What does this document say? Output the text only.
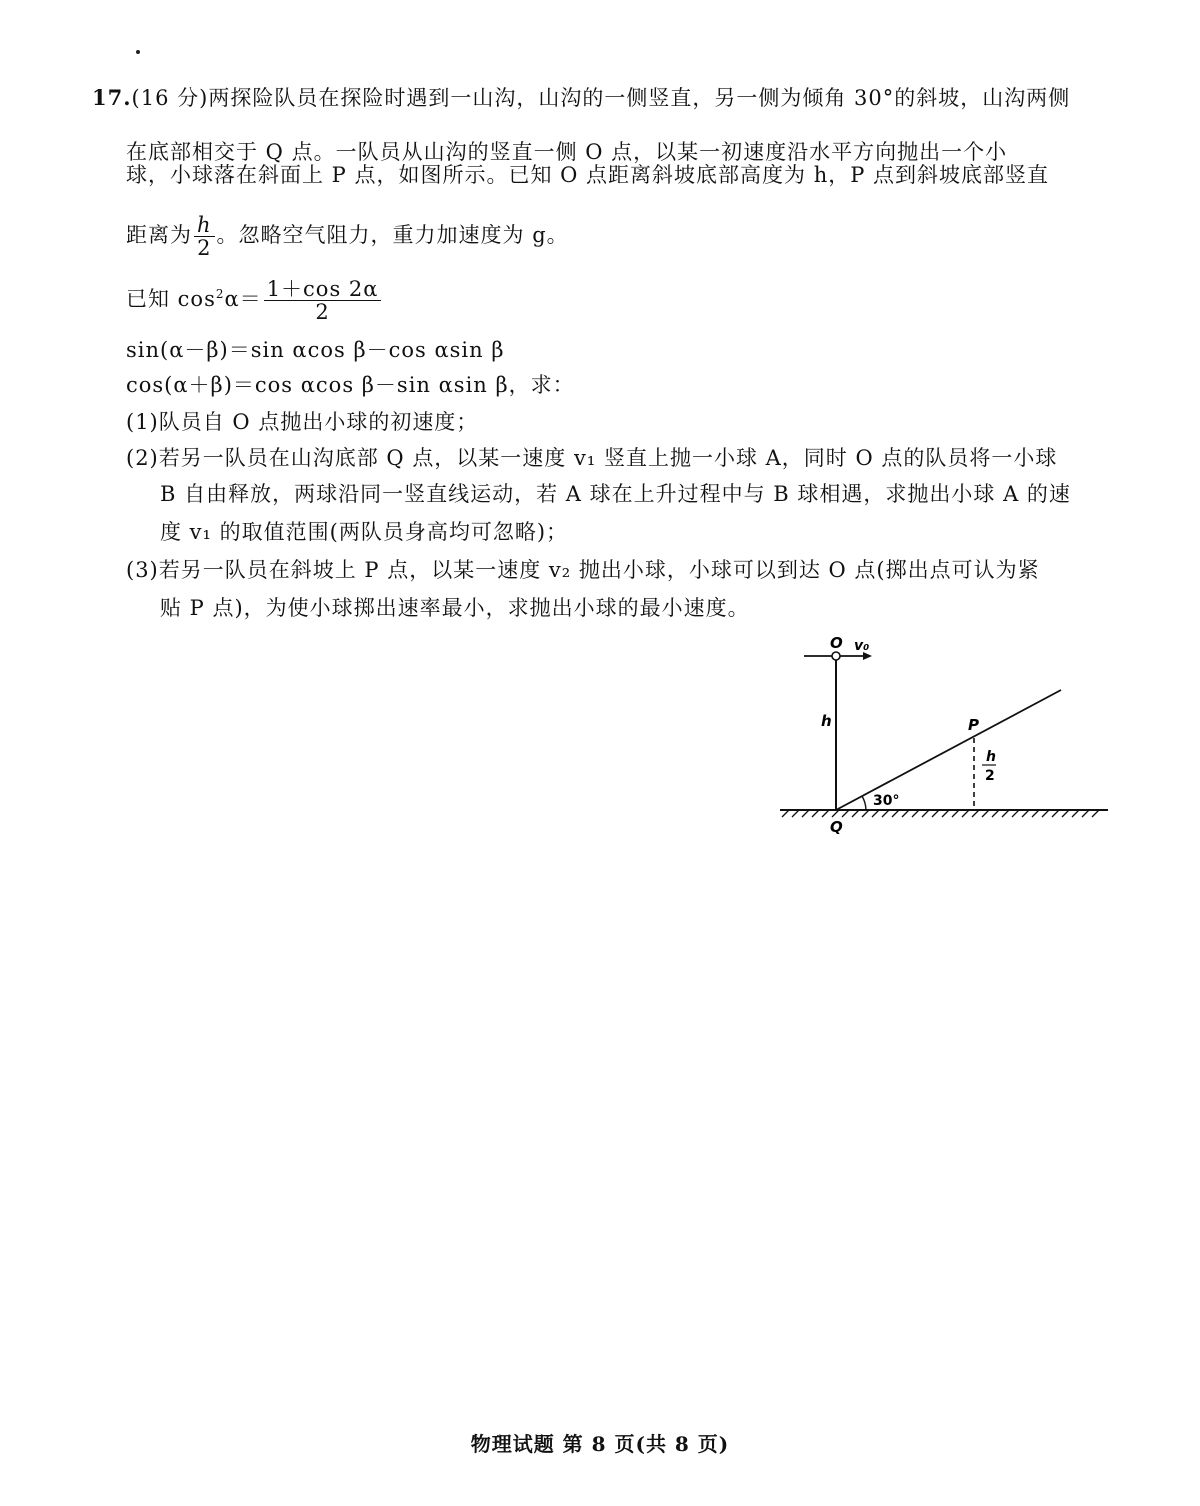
17.(16 分)两探险队员在探险时遇到一山沟，山沟的一侧竖直，另一侧为倾角 30°的斜坡，山沟两侧
在底部相交于 Q 点。一队员从山沟的竖直一侧 O 点，以某一初速度沿水平方向抛出一个小
球，小球落在斜面上 P 点，如图所示。已知 O 点距离斜坡底部高度为 h，P 点到斜坡底部竖直
距离为 $\frac{h}{2}$ 。忽略空气阻力，重力加速度为 g。
已知 $\cos^2\alpha= \frac{1+\cos 2\alpha}{2}$
sin(α－β)＝sin αcos β－cos αsin β
cos(α＋β)＝cos αcos β－sin αsin β，求：
(1)队员自 O 点抛出小球的初速度；
(2)若另一队员在山沟底部 Q 点，以某一速度 v₁ 竖直上抛一小球 A，同时 O 点的队员将一小球
B 自由释放，两球沿同一竖直线运动，若 A 球在上升过程中与 B 球相遇，求抛出小球 A 的速
度 v₁ 的取值范围(两队员身高均可忽略)；
(3)若另一队员在斜坡上 P 点，以某一速度 v₂ 抛出小球，小球可以到达 O 点(掷出点可认为紧
贴 P 点)，为使小球掷出速率最小，求抛出小球的最小速度。
O v₀
h	P
h
2
30°
Q
物理试题 第 8 页(共 8 页)
